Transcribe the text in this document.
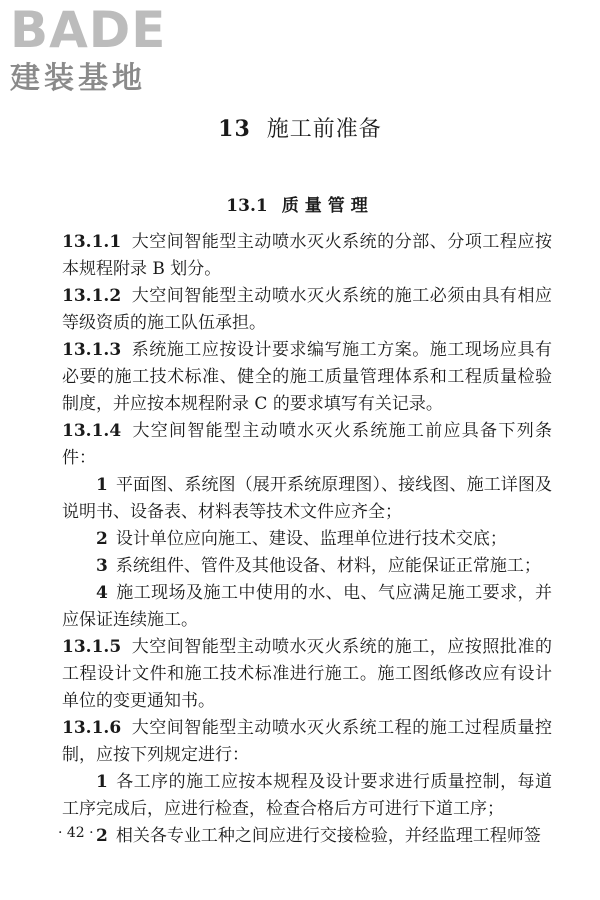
BADE
建装基地
13 施工前准备
13.1 质量管理

13.1.1 大空间智能型主动喷水灭火系统的分部、分项工程应按本规程附录 B 划分。

13.1.2 大空间智能型主动喷水灭火系统的施工必须由具有相应等级资质的施工队伍承担。

13.1.3 系统施工应按设计要求编写施工方案。施工现场应具有必要的施工技术标准、健全的施工质量管理体系和工程质量检验制度，并应按本规程附录 C 的要求填写有关记录。

13.1.4 大空间智能型主动喷水灭火系统施工前应具备下列条件：

1 平面图、系统图（展开系统原理图）、接线图、施工详图及说明书、设备表、材料表等技术文件应齐全；

2 设计单位应向施工、建设、监理单位进行技术交底；

3 系统组件、管件及其他设备、材料，应能保证正常施工；

4 施工现场及施工中使用的水、电、气应满足施工要求，并应保证连续施工。

13.1.5 大空间智能型主动喷水灭火系统的施工，应按照批准的工程设计文件和施工技术标准进行施工。施工图纸修改应有设计单位的变更通知书。

13.1.6 大空间智能型主动喷水灭火系统工程的施工过程质量控制，应按下列规定进行：

1 各工序的施工应按本规程及设计要求进行质量控制，每道工序完成后，应进行检查，检查合格后方可进行下道工序；

2 相关各专业工种之间应进行交接检验，并经监理工程师签

· 42 ·
